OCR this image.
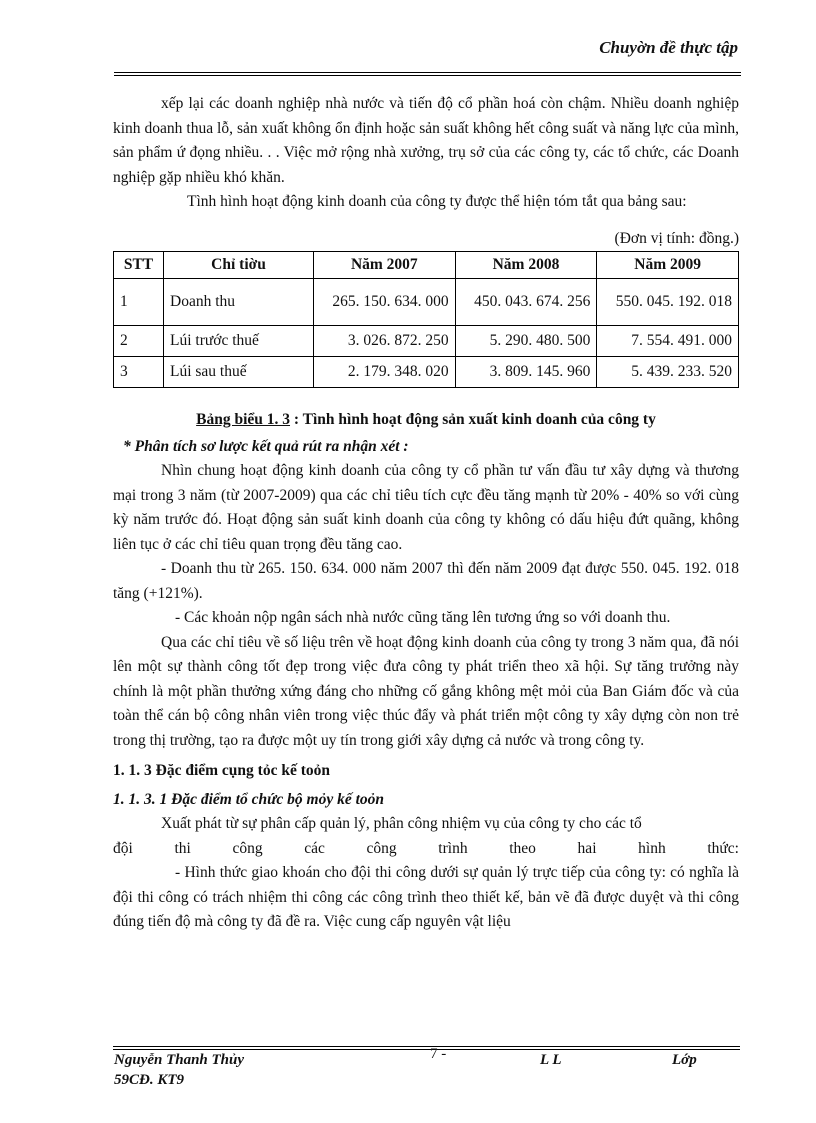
Chuyờn đề thực tập

xếp lại các doanh nghiệp nhà nước và tiến độ cổ phần hoá còn chậm. Nhiều doanh nghiệp kinh doanh thua lỗ, sản xuất không ổn định hoặc sản suất không hết công suất và năng lực của mình, sản phẩm ứ đọng nhiều. . . Việc mở rộng nhà xưởng, trụ sở của các công ty, các tổ chức, các Doanh nghiệp gặp nhiều khó khăn.

Tình hình hoạt động kinh doanh của công ty được thể hiện tóm tắt qua bảng sau:

(Đơn vị tính: đồng.)

STT	Chỉ tiờu	Năm 2007	Năm 2008	Năm 2009
1	Doanh thu	265. 150. 634. 000	450. 043. 674. 256	550. 045. 192. 018
2	Lúi trước thuế	3. 026. 872. 250	5. 290. 480. 500	7. 554. 491. 000
3	Lúi sau thuế	2. 179. 348. 020	3. 809. 145. 960	5. 439. 233. 520

Bảng biểu 1. 3 : Tình hình hoạt động sản xuất kinh doanh của công ty

* Phân tích sơ lược kết quả rút ra nhận xét :

Nhìn chung hoạt động kinh doanh của công ty cổ phần tư vấn đầu tư xây dựng và thương mại trong 3 năm (từ 2007-2009) qua các chỉ tiêu tích cực đều tăng mạnh từ 20% - 40% so với cùng kỳ năm trước đó. Hoạt động sản suất kinh doanh của công ty không có dấu hiệu đứt quãng, không liên tục ở các chỉ tiêu quan trọng đều tăng cao.

- Doanh thu từ 265. 150. 634. 000 năm 2007 thì đến năm 2009 đạt được 550. 045. 192. 018 tăng (+121%).

- Các khoản nộp ngân sách nhà nước cũng tăng lên tương ứng so với doanh thu.

Qua các chỉ tiêu về số liệu trên về hoạt động kinh doanh của công ty trong 3 năm qua, đã nói lên một sự thành công tốt đẹp trong việc đưa công ty phát triển theo xã hội. Sự tăng trưởng này chính là một phần thưởng xứng đáng cho những cố gắng không mệt mỏi của Ban Giám đốc và của toàn thể cán bộ công nhân viên trong việc thúc đẩy và phát triển một công ty xây dựng còn non trẻ trong thị trường, tạo ra được một uy tín trong giới xây dựng cả nước và trong công ty.

1. 1. 3 Đặc điểm cụng tỏc kế toỏn

1. 1. 3. 1 Đặc điểm tổ chức bộ mỏy kế toỏn

Xuất phát từ sự phân cấp quản lý, phân công nhiệm vụ của công ty cho các tổ

đội thi công các công trình theo hai hình thức:

- Hình thức giao khoán cho đội thi công dưới sự quản lý trực tiếp của công ty: có nghĩa là đội thi công có trách nhiệm thi công các công trình theo thiết kế, bản vẽ đã được duyệt và thi công đúng tiến độ mà công ty đã đề ra. Việc cung cấp nguyên vật liệu

Nguyễn Thanh Thủy
59CĐ. KT9
7 -	L L	Lớp
